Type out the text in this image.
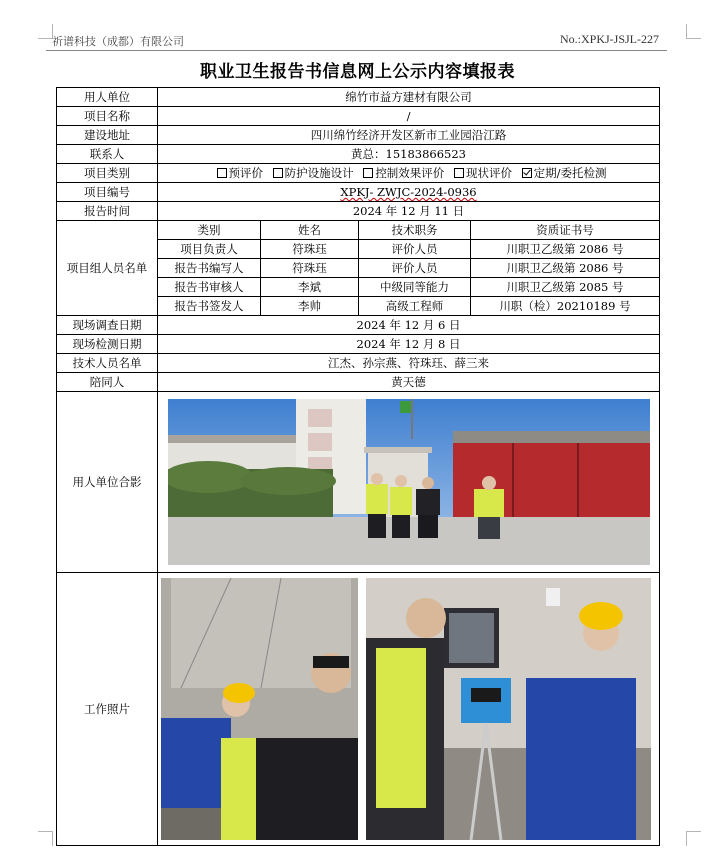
祈谱科技（成都）有限公司	No.:XPKJ-JSJL-227
职业卫生报告书信息网上公示内容填报表
用人单位	绵竹市益方建材有限公司			
项目名称	/			
建设地址	四川绵竹经济开发区新市工业园沿江路			
联系人	黄总：15183866523			
项目类别	预评价 防护设施设计 控制效果评价 现状评价 定期/委托检测			
项目编号	XPKJ- ZWJC-2024-0936			
报告时间	2024 年 12 月 11 日			
项目组人员名单	类别	姓名	技术职务	资质证书号
	项目负责人	符珠珏	评价人员	川职卫乙级第 2086 号
	报告书编写人	符珠珏	评价人员	川职卫乙级第 2086 号
	报告书审核人	李斌	中级同等能力	川职卫乙级第 2085 号
	报告书签发人	李帅	高级工程师	川职（检）20210189 号
现场调查日期	2024 年 12 月 6 日			
现场检测日期	2024 年 12 月 8 日			
技术人员名单	江杰、孙宗燕、符珠珏、薛三来			
陪同人	黄天德			
用人单位合影	

工作照片	
